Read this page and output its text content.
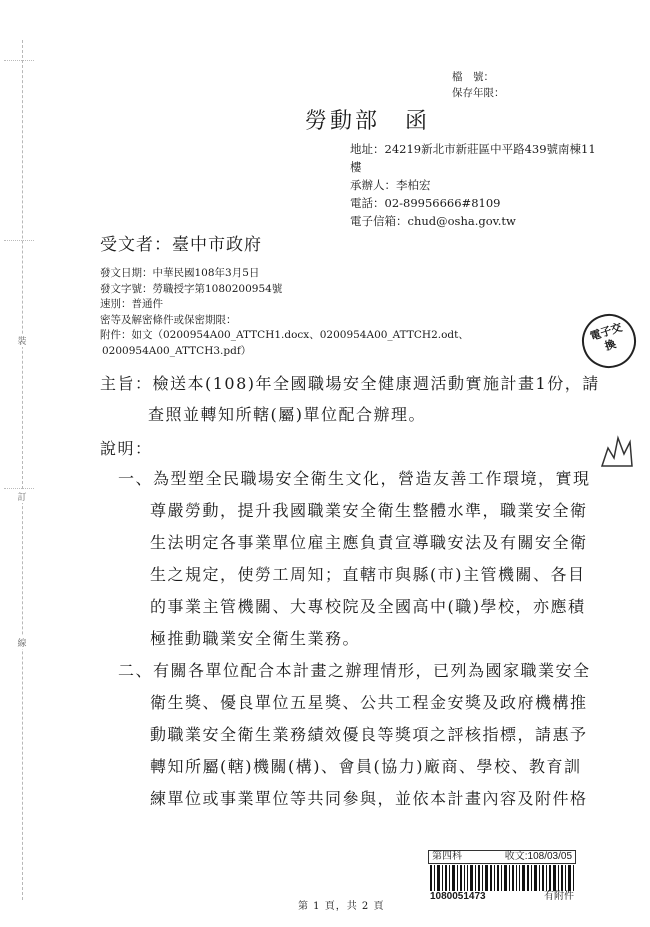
裝
訂
線
檔　號：
保存年限：
勞動部　函
地址：24219新北市新莊區中平路439號南棟11
樓
承辦人：李柏宏
電話：02-89956666#8109
電子信箱：chud@osha.gov.tw
受文者：臺中市政府
發文日期：中華民國108年3月5日
發文字號：勞職授字第1080200954號
速別：普通件
密等及解密條件或保密期限：
附件：如文（0200954A00_ATTCH1.docx、0200954A00_ATTCH2.odt、
0200954A00_ATTCH3.pdf）
主旨：檢送本(108)年全國職場安全健康週活動實施計畫1份，請
查照並轉知所轄(屬)單位配合辦理。
說明：
一、為型塑全民職場安全衛生文化，營造友善工作環境，實現
尊嚴勞動，提升我國職業安全衛生整體水準，職業安全衛
生法明定各事業單位雇主應負責宣導職安法及有關安全衛
生之規定，使勞工周知；直轄市與縣(市)主管機關、各目
的事業主管機關、大專校院及全國高中(職)學校，亦應積
極推動職業安全衛生業務。
二、有關各單位配合本計畫之辦理情形，已列為國家職業安全
衛生獎、優良單位五星獎、公共工程金安獎及政府機構推
動職業安全衛生業務績效優良等獎項之評核指標，請惠予
轉知所屬(轄)機關(構)、會員(協力)廠商、學校、教育訓
練單位或事業單位等共同參與，並依本計畫內容及附件格
電子交換
第四科	收文:108/03/05
1080051473	有附件
第 1 頁，共 2 頁
